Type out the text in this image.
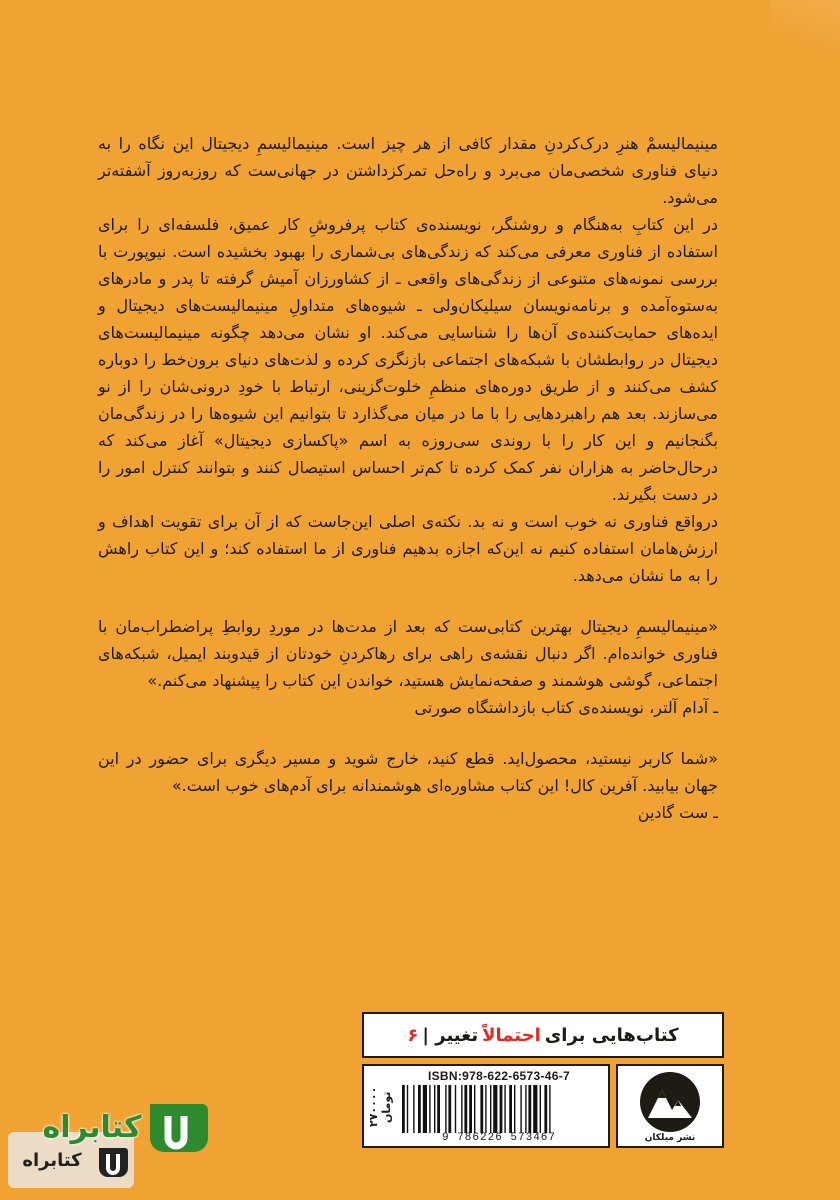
مینیمالیسمْ هنرِ درک‌کردنِ مقدار کافی از هر چیز است. مینیمالیسمِ دیجیتال این نگاه را به دنیای فناوری شخصی‌مان می‌برد و راه‌حل تمرکزداشتن در جهانی‌ست که روزبه‌روز آشفته‌تر می‌شود.

در این کتابِ به‌هنگام و روشنگر، نویسنده‌ی کتاب پرفروشِ کار عمیق، فلسفه‌ای را برای استفاده از فناوری معرفی می‌کند که زندگی‌های بی‌شماری را بهبود بخشیده است. نیوپورت با بررسی نمونه‌های متنوعی از زندگی‌های واقعی ـ از کشاورزان آمیش گرفته تا پدر و مادرهای به‌ستوه‌آمده و برنامه‌نویسان سیلیکان‌ولی ـ شیوه‌های متداولِ مینیمالیست‌های دیجیتال و ایده‌های حمایت‌کننده‌ی آن‌ها را شناسایی می‌کند. او نشان می‌دهد چگونه مینیمالیست‌های دیجیتال در روابطشان با شبکه‌های اجتماعی بازنگری کرده و لذت‌های دنیای برون‌خط را دوباره کشف می‌کنند و از طریق دوره‌های منظمِ خلوت‌گزینی، ارتباط با خودِ درونی‌شان را از نو می‌سازند. بعد هم راهبردهایی را با ما در میان می‌گذارد تا بتوانیم این شیوه‌ها را در زندگی‌مان بگنجانیم و این کار را با روندی سی‌روزه به اسم «پاکسازی دیجیتال» آغاز می‌کند که درحال‌حاضر به هزاران نفر کمک کرده تا کم‌تر احساس استیصال کنند و بتوانند کنترل امور را در دست بگیرند.

درواقع فناوری نه خوب است و نه بد. نکته‌ی اصلی این‌جاست که از آن برای تقویت اهداف و ارزش‌هامان استفاده کنیم نه این‌که اجازه بدهیم فناوری از ما استفاده کند؛ و این کتاب راهش را به ما نشان می‌دهد.

«مینیمالیسمِ دیجیتال بهترین کتابی‌ست که بعد از مدت‌ها در موردِ روابطِ پراضطراب‌مان با فناوری خوانده‌ام. اگر دنبال نقشه‌ی راهی برای رهاکردنِ خودتان از قیدوبند ایمیل، شبکه‌های اجتماعی، گوشی هوشمند و صفحه‌نمایش هستید، خواندن این کتاب را پیشنهاد می‌کنم.»

ـ آدام آلتر، نویسنده‌ی کتاب بازداشتگاه صورتی

«شما کاربر نیستید، محصول‌اید. قطع کنید، خارج شوید و مسیر دیگری برای حضور در این جهان بیابید. آفرین کال! این کتاب مشاوره‌ای هوشمندانه برای آدم‌های خوب است.»

ـ ست گادین

کتاب‌هایی برای
احتمالاً
تغییر |
۶
۲۷۰۰۰۰ تومان
ISBN:978-622-6573-46-7
9 786226 573467	نشر میلکان
کتابراه
کتابراه
